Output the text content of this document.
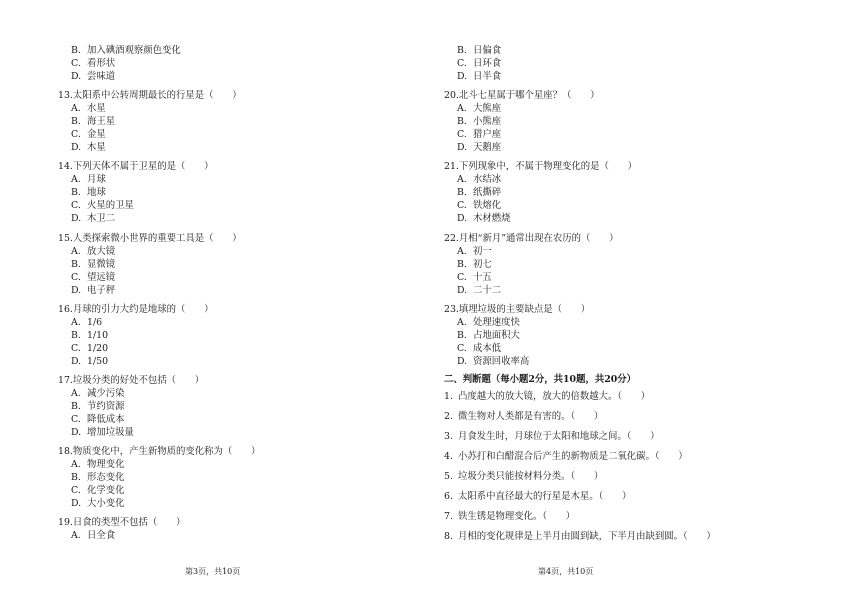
B. 加入碘酒观察颜色变化
C. 看形状
D. 尝味道
13.太阳系中公转周期最长的行星是（　　）
A. 水星
B. 海王星
C. 金星
D. 木星
14.下列天体不属于卫星的是（　　）
A. 月球
B. 地球
C. 火星的卫星
D. 木卫二
15.人类探索微小世界的重要工具是（　　）
A. 放大镜
B. 显微镜
C. 望远镜
D. 电子秤
16.月球的引力大约是地球的（　　）
A. 1/6
B. 1/10
C. 1/20
D. 1/50
17.垃圾分类的好处不包括（　　）
A. 减少污染
B. 节约资源
C. 降低成本
D. 增加垃圾量
18.物质变化中，产生新物质的变化称为（　　）
A. 物理变化
B. 形态变化
C. 化学变化
D. 大小变化
19.日食的类型不包括（　　）
A. 日全食
B. 日偏食
C. 日环食
D. 日半食
20.北斗七星属于哪个星座？（　　）
A. 大熊座
B. 小熊座
C. 猎户座
D. 天鹅座
21.下列现象中，不属于物理变化的是（　　）
A. 水结冰
B. 纸撕碎
C. 铁熔化
D. 木材燃烧
22.月相“新月”通常出现在农历的（　　）
A. 初一
B. 初七
C. 十五
D. 二十二
23.填埋垃圾的主要缺点是（　　）
A. 处理速度快
B. 占地面积大
C. 成本低
D. 资源回收率高
二、判断题（每小题2分，共10题，共20分）
1. 凸度越大的放大镜，放大的倍数越大。（　　）
2. 微生物对人类都是有害的。（　　）
3. 月食发生时，月球位于太阳和地球之间。（　　）
4. 小苏打和白醋混合后产生的新物质是二氧化碳。（　　）
5. 垃圾分类只能按材料分类。（　　）
6. 太阳系中直径最大的行星是木星。（　　）
7. 铁生锈是物理变化。（　　）
8. 月相的变化规律是上半月由圆到缺，下半月由缺到圆。（　　）
第3页，共10页	第4页，共10页
